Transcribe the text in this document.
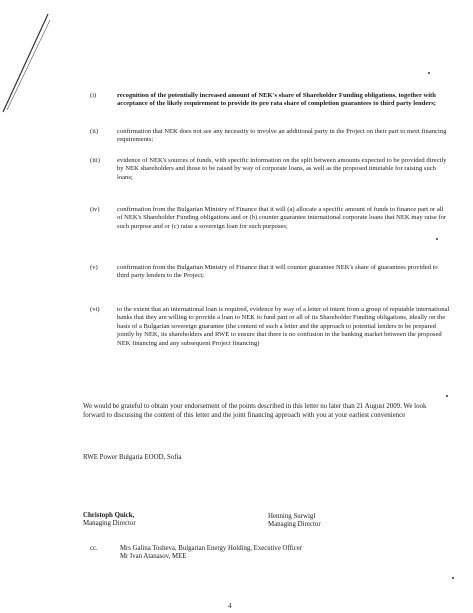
(i)	recognition of the potentially increased amount of NEK's share of Shareholder Funding obligations, together with acceptance of the likely requirement to provide its pro rata share of completion guarantees to third party lenders;
(ii)	confirmation that NEK does not see any necessity to involve an additional party in the Project on their part to meet financing requirements;
(iii)	evidence of NEK's sources of funds, with specific information on the split between amounts expected to be provided directly by NEK shareholders and those to be raised by way of corporate loans, as well as the proposed timetable for raising such loans;
(iv)	confirmation from the Bulgarian Ministry of Finance that it will (a) allocate a specific amount of funds to finance part or all of NEK's Shareholder Funding obligations and or (b) counter guarantee international corporate loans that NEK may raise for such purpose and or (c) raise a sovereign loan for such purposes;
(v)	confirmation from the Bulgarian Ministry of Finance that it will counter guarantee NEK's share of guarantees provided to third party lenders to the Project;
(vi)	to the extent that an international loan is required, evidence by way of a letter of intent from a group of reputable international banks that they are willing to provide a loan to NEK to fund part or all of its Shareholder Funding obligations, ideally on the basis of a Bulgarian sovereign guarantee (the content of such a letter and the approach to potential lenders to be prepared jointly by NEK, its shareholders and RWE to ensure that there is no confusion in the banking market between the proposed NEK financing and any subsequent Project financing)
We would be grateful to obtain your endorsement of the points described in this letter no later than 21 August 2009. We look forward to discussing the content of this letter and the joint financing approach with you at your earliest convenience
RWE Power Bulgaria EOOD, Sofia
Christoph Quick,
Managing Director
Henning Surwigl
Managing Director
cc.	Mrs Galina Tosheva, Bulgarian Energy Holding, Executive Officer
Mr Ivan Atanasov, MEE
4
